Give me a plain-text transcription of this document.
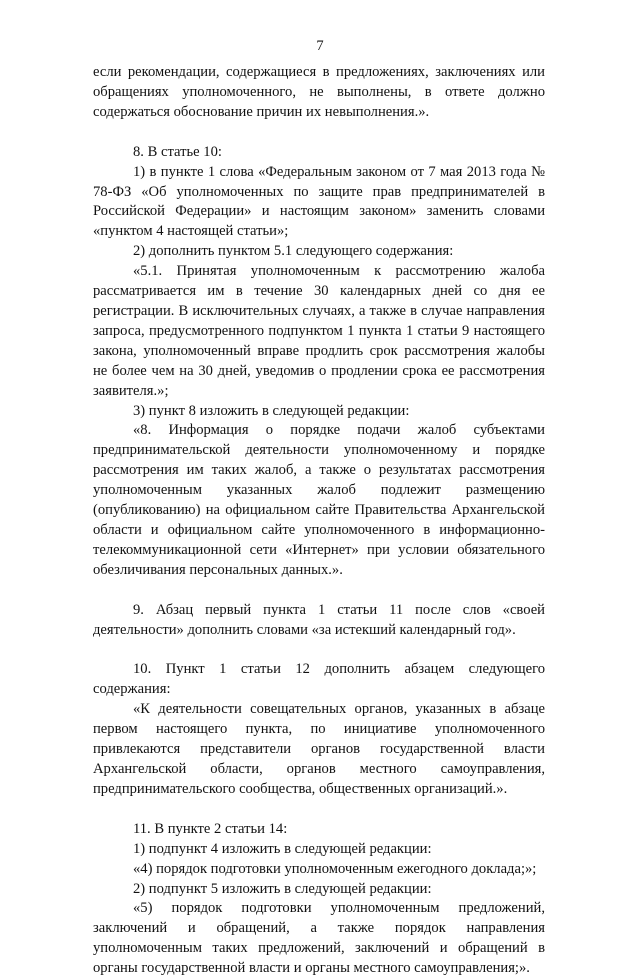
7

если рекомендации, содержащиеся в предложениях, заключениях или обращениях уполномоченного, не выполнены, в ответе должно содержаться обоснование причин их невыполнения.».

8. В статье 10:

1) в пункте 1 слова «Федеральным законом от 7 мая 2013 года № 78-ФЗ «Об уполномоченных по защите прав предпринимателей в Российской Федерации» и настоящим законом» заменить словами «пунктом 4 настоящей статьи»;

2) дополнить пунктом 5.1 следующего содержания:

«5.1. Принятая уполномоченным к рассмотрению жалоба рассматривается им в течение 30 календарных дней со дня ее регистрации. В исключительных случаях, а также в случае направления запроса, предусмотренного подпунктом 1 пункта 1 статьи 9 настоящего закона, уполномоченный вправе продлить срок рассмотрения жалобы не более чем на 30 дней, уведомив о продлении срока ее рассмотрения заявителя.»;

3) пункт 8 изложить в следующей редакции:

«8. Информация о порядке подачи жалоб субъектами предпринимательской деятельности уполномоченному и порядке рассмотрения им таких жалоб, а также о результатах рассмотрения уполномоченным указанных жалоб подлежит размещению (опубликованию) на официальном сайте Правительства Архангельской области и официальном сайте уполномоченного в информационно-телекоммуникационной сети «Интернет» при условии обязательного обезличивания персональных данных.».

9. Абзац первый пункта 1 статьи 11 после слов «своей деятельности» дополнить словами «за истекший календарный год».

10. Пункт 1 статьи 12 дополнить абзацем следующего содержания:

«К деятельности совещательных органов, указанных в абзаце первом настоящего пункта, по инициативе уполномоченного привлекаются представители органов государственной власти Архангельской области, органов местного самоуправления, предпринимательского сообщества, общественных организаций.».

11. В пункте 2 статьи 14:

1) подпункт 4 изложить в следующей редакции:

«4) порядок подготовки уполномоченным ежегодного доклада;»;

2) подпункт 5 изложить в следующей редакции:

«5) порядок подготовки уполномоченным предложений, заключений и обращений, а также порядок направления уполномоченным таких предложений, заключений и обращений в органы государственной власти и органы местного самоуправления;».
